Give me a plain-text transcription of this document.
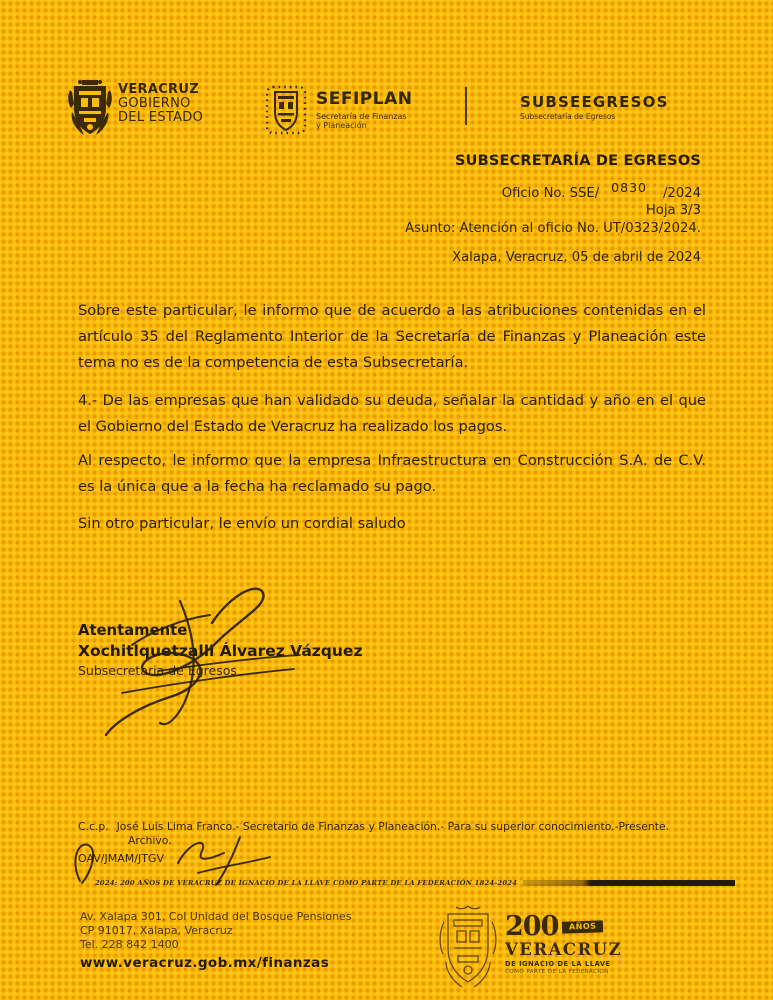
VERACRUZ
GOBIERNO
DEL ESTADO
SEFIPLAN
Secretaría de Finanzas
y Planeación
SUBSEEGRESOS
Subsecretaría de Egresos
SUBSECRETARÍA DE EGRESOS
Oficio No. SSE/ 0830 /2024
Hoja 3/3
Asunto: Atención al oficio No. UT/0323/2024.
Xalapa, Veracruz, 05 de abril de 2024
Sobre este particular, le informo que de acuerdo a las atribuciones contenidas en el artículo 35 del Reglamento Interior de la Secretaría de Finanzas y Planeación este tema no es de la competencia de esta Subsecretaría.
4.- De las empresas que han validado su deuda, señalar la cantidad y año en el que el Gobierno del Estado de Veracruz ha realizado los pagos.
Al respecto, le informo que la empresa Infraestructura en Construcción S.A. de C.V. es la única que a la fecha ha reclamado su pago.
Sin otro particular, le envío un cordial saludo
Atentamente
Xochitlquetzalli Álvarez Vázquez
Subsecretaria de Egresos
C.c.p. José Luis Lima Franco.- Secretario de Finanzas y Planeación.- Para su superior conocimiento.-Presente.
Archivo.
OAV/JMAM/JTGV
2024: 200 AÑOS DE VERACRUZ DE IGNACIO DE LA LLAVE COMO PARTE DE LA FEDERACIÓN 1824-2024
Av. Xalapa 301, Col Unidad del Bosque Pensiones
CP 91017, Xalapa, Veracruz
Tel. 228 842 1400
www.veracruz.gob.mx/finanzas
200	AÑOS
VERACRUZ
DE IGNACIO DE LA LLAVE
COMO PARTE DE LA FEDERACIÓN
